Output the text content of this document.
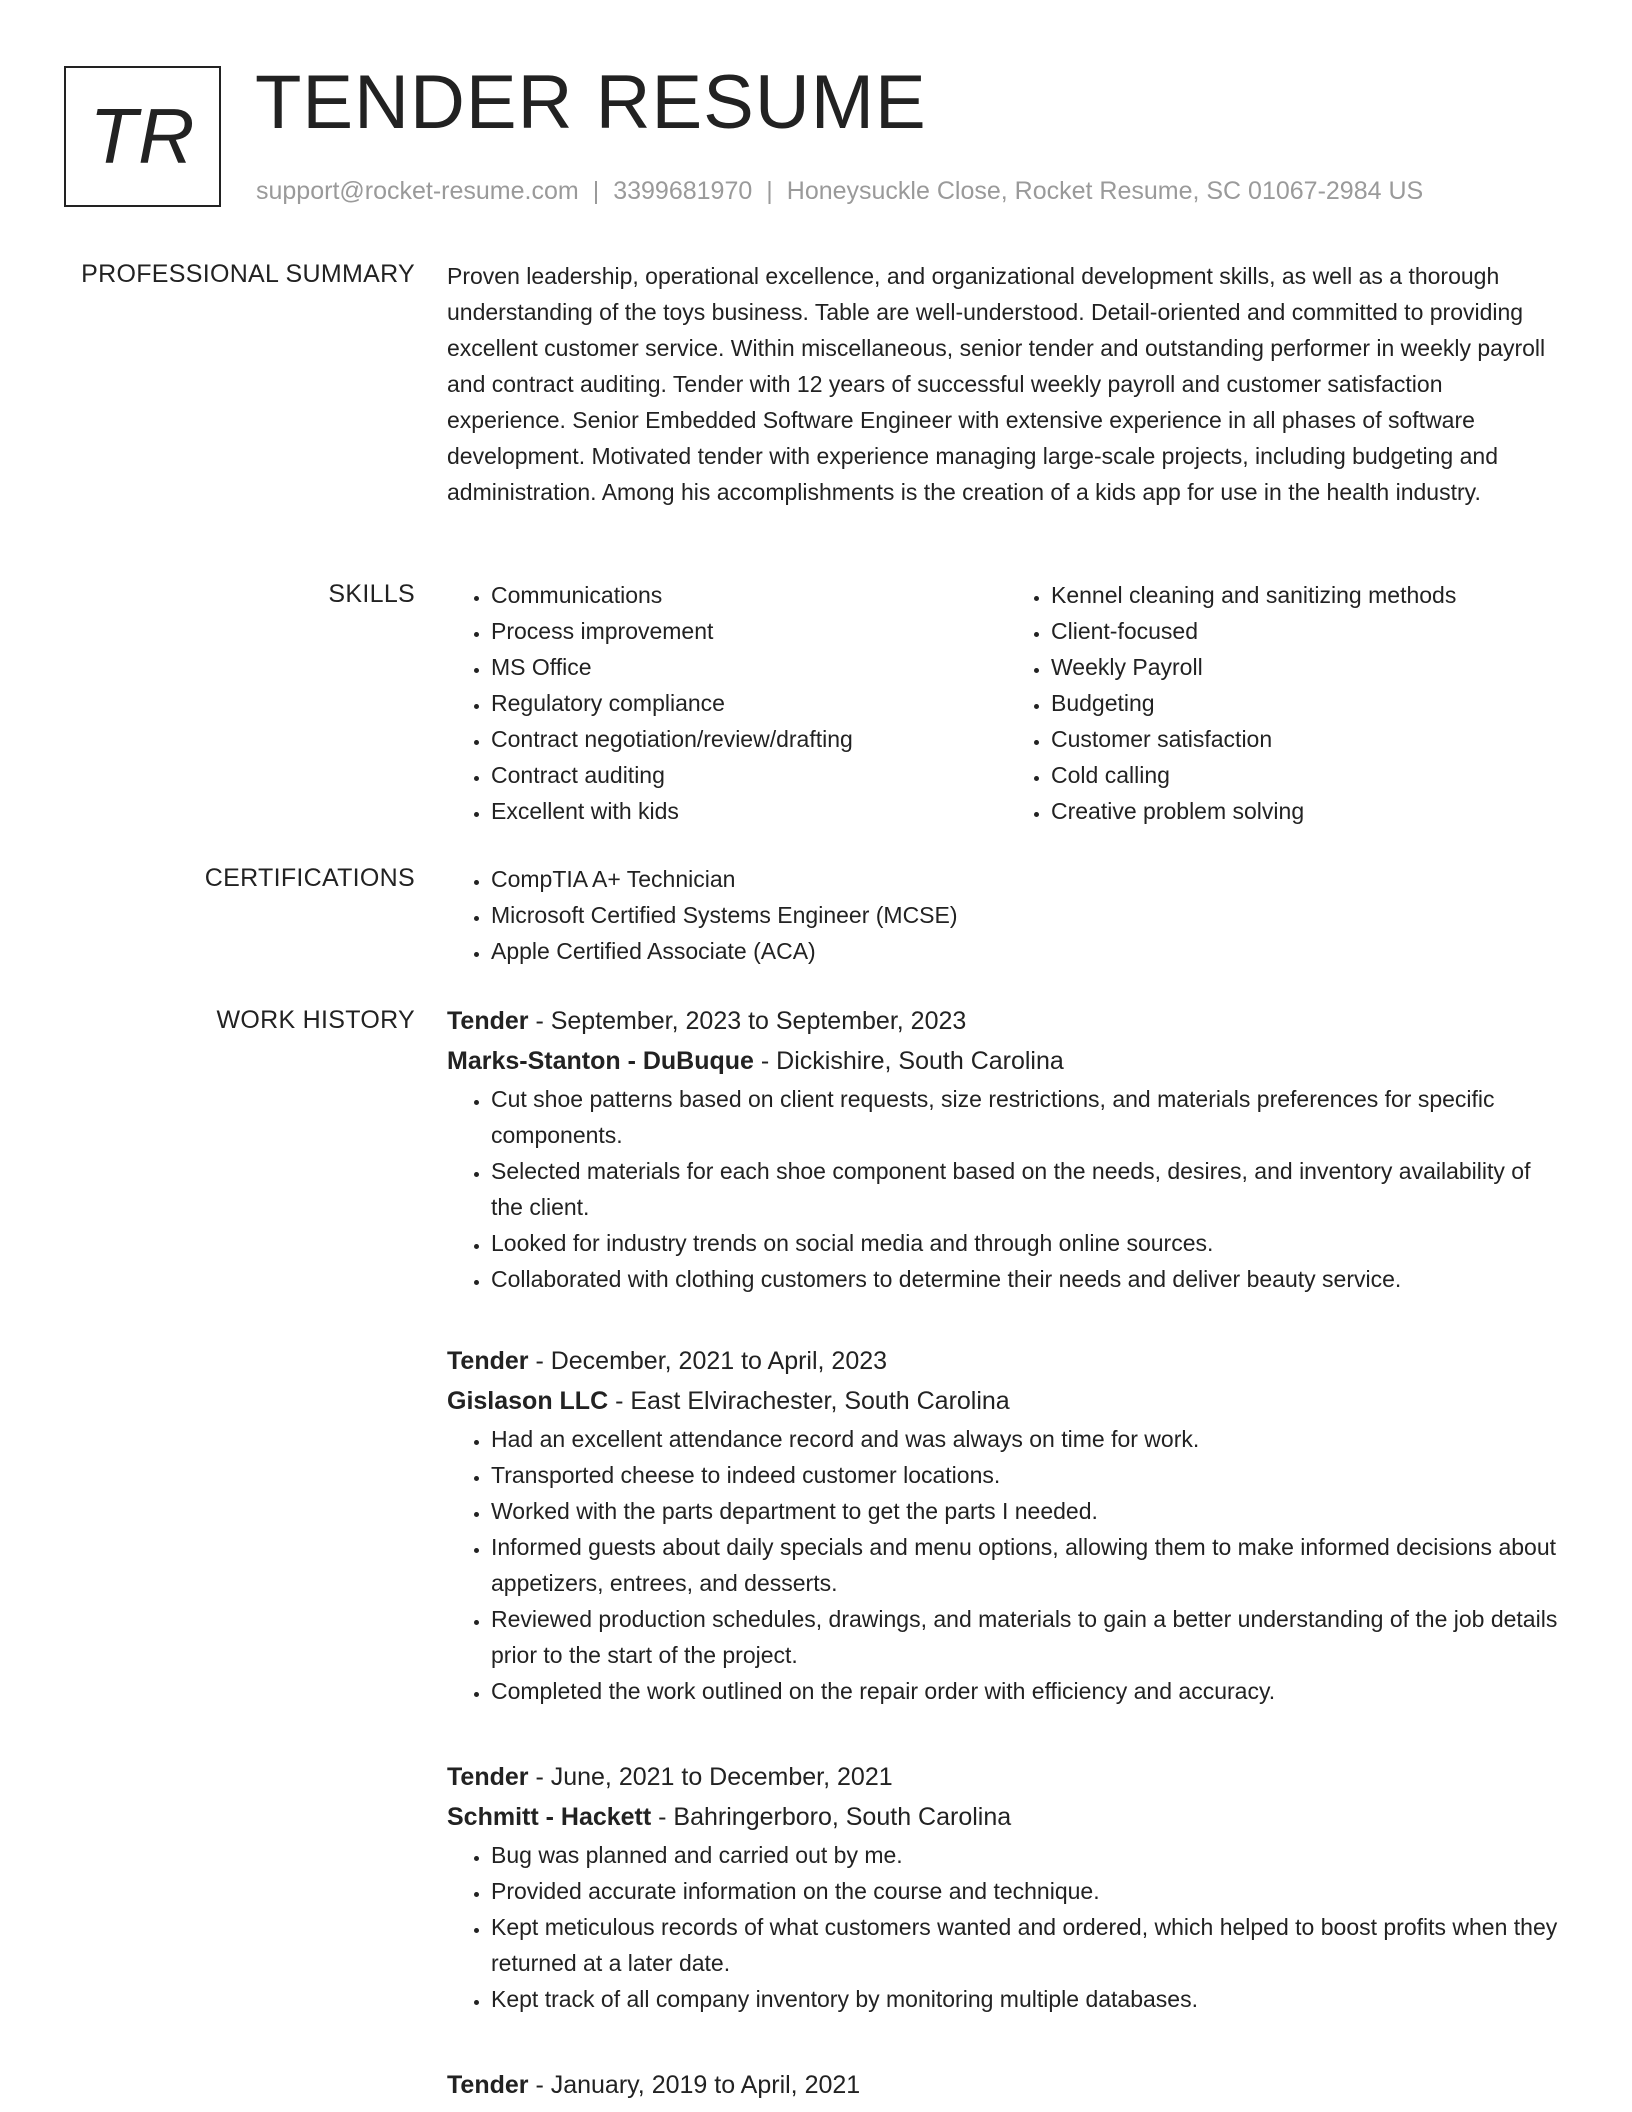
TR TENDER RESUME
support@rocket-resume.com | 3399681970 | Honeysuckle Close, Rocket Resume, SC 01067-2984 US
PROFESSIONAL SUMMARY Proven leadership, operational excellence, and organizational development skills, as well as a thorough understanding of the toys business. Table are well-understood. Detail-oriented and committed to providing excellent customer service. Within miscellaneous, senior tender and outstanding performer in weekly payroll and contract auditing. Tender with 12 years of successful weekly payroll and customer satisfaction experience. Senior Embedded Software Engineer with extensive experience in all phases of software development. Motivated tender with experience managing large-scale projects, including budgeting and administration. Among his accomplishments is the creation of a kids app for use in the health industry.

SKILLS	• Communications
• Process improvement
• MS Office
• Regulatory compliance
• Contract negotiation/review/drafting
• Contract auditing
• Excellent with kids
• Kennel cleaning and sanitizing methods
• Client-focused
• Weekly Payroll
• Budgeting
• Customer satisfaction
• Cold calling
• Creative problem solving
CERTIFICATIONS	• CompTIA A+ Technician
• Microsoft Certified Systems Engineer (MCSE)
• Apple Certified Associate (ACA)
WORK HISTORY Tender - September, 2023 to September, 2023
Marks-Stanton - DuBuque - Dickishire, South Carolina
• Cut shoe patterns based on client requests, size restrictions, and materials preferences for specific components.
• Selected materials for each shoe component based on the needs, desires, and inventory availability of the client.
• Looked for industry trends on social media and through online sources.
• Collaborated with clothing customers to determine their needs and deliver beauty service.
Tender - December, 2021 to April, 2023
Gislason LLC - East Elvirachester, South Carolina
• Had an excellent attendance record and was always on time for work.
• Transported cheese to indeed customer locations.
• Worked with the parts department to get the parts I needed.
• Informed guests about daily specials and menu options, allowing them to make informed decisions about appetizers, entrees, and desserts.
• Reviewed production schedules, drawings, and materials to gain a better understanding of the job details prior to the start of the project.
• Completed the work outlined on the repair order with efficiency and accuracy.
Tender - June, 2021 to December, 2021
Schmitt - Hackett - Bahringerboro, South Carolina
• Bug was planned and carried out by me.
• Provided accurate information on the course and technique.
• Kept meticulous records of what customers wanted and ordered, which helped to boost profits when they returned at a later date.
• Kept track of all company inventory by monitoring multiple databases.
Tender - January, 2019 to April, 2021
